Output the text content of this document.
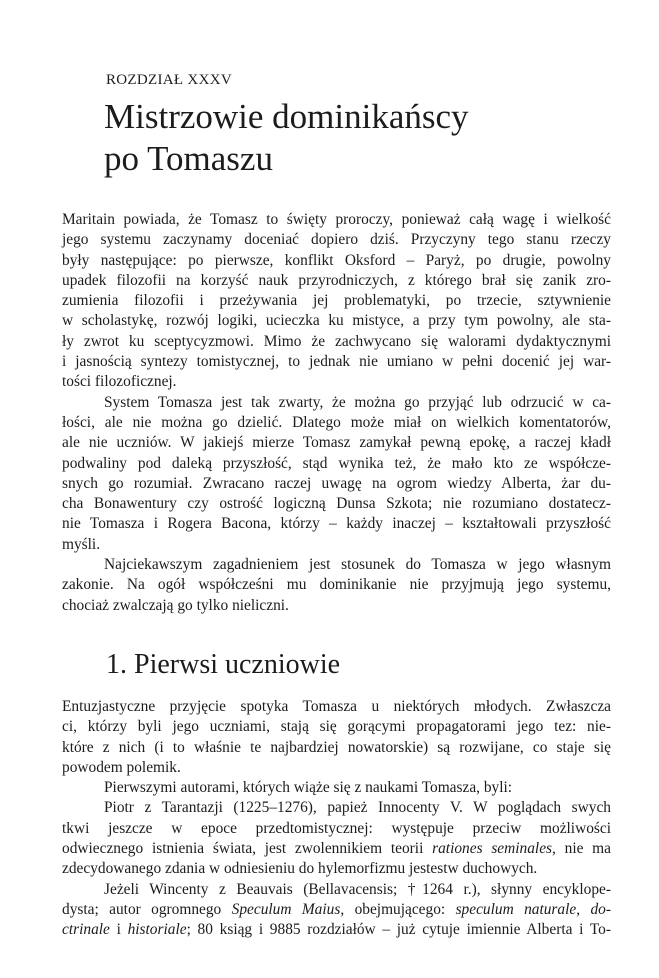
ROZDZIAŁ XXXV
Mistrzowie dominikańscy
po Tomaszu
Maritain powiada, że Tomasz to święty proroczy, ponieważ całą wagę i wielkość
jego systemu zaczynamy doceniać dopiero dziś. Przyczyny tego stanu rzeczy
były następujące: po pierwsze, konflikt Oksford – Paryż, po drugie, powolny
upadek filozofii na korzyść nauk przyrodniczych, z którego brał się zanik zro-
zumienia filozofii i przeżywania jej problematyki, po trzecie, sztywnienie
w scholastykę, rozwój logiki, ucieczka ku mistyce, a przy tym powolny, ale sta-
ły zwrot ku sceptycyzmowi. Mimo że zachwycano się walorami dydaktycznymi
i jasnością syntezy tomistycznej, to jednak nie umiano w pełni docenić jej war-
tości filozoficznej.
System Tomasza jest tak zwarty, że można go przyjąć lub odrzucić w ca-
łości, ale nie można go dzielić. Dlatego może miał on wielkich komentatorów,
ale nie uczniów. W jakiejś mierze Tomasz zamykał pewną epokę, a raczej kładł
podwaliny pod daleką przyszłość, stąd wynika też, że mało kto ze współcze-
snych go rozumiał. Zwracano raczej uwagę na ogrom wiedzy Alberta, żar du-
cha Bonawentury czy ostrość logiczną Dunsa Szkota; nie rozumiano dostatecz-
nie Tomasza i Rogera Bacona, którzy – każdy inaczej – kształtowali przyszłość
myśli.
Najciekawszym zagadnieniem jest stosunek do Tomasza w jego własnym
zakonie. Na ogół współcześni mu dominikanie nie przyjmują jego systemu,
chociaż zwalczają go tylko nieliczni.
1. Pierwsi uczniowie
Entuzjastyczne przyjęcie spotyka Tomasza u niektórych młodych. Zwłaszcza
ci, którzy byli jego uczniami, stają się gorącymi propagatorami jego tez: nie-
które z nich (i to właśnie te najbardziej nowatorskie) są rozwijane, co staje się
powodem polemik.
Pierwszymi autorami, których wiąże się z naukami Tomasza, byli:
Piotr z Tarantazji (1225–1276), papież Innocenty V. W poglądach swych
tkwi jeszcze w epoce przedtomistycznej: występuje przeciw możliwości
odwiecznego istnienia świata, jest zwolennikiem teorii rationes seminales, nie ma
zdecydowanego zdania w odniesieniu do hylemorfizmu jestestw duchowych.
Jeżeli Wincenty z Beauvais (Bellavacensis; †1264 r.), słynny encyklope-
dysta; autor ogromnego Speculum Maius, obejmującego: speculum naturale, do-
ctrinale i historiale; 80 ksiąg i 9885 rozdziałów – już cytuje imiennie Alberta i To-
